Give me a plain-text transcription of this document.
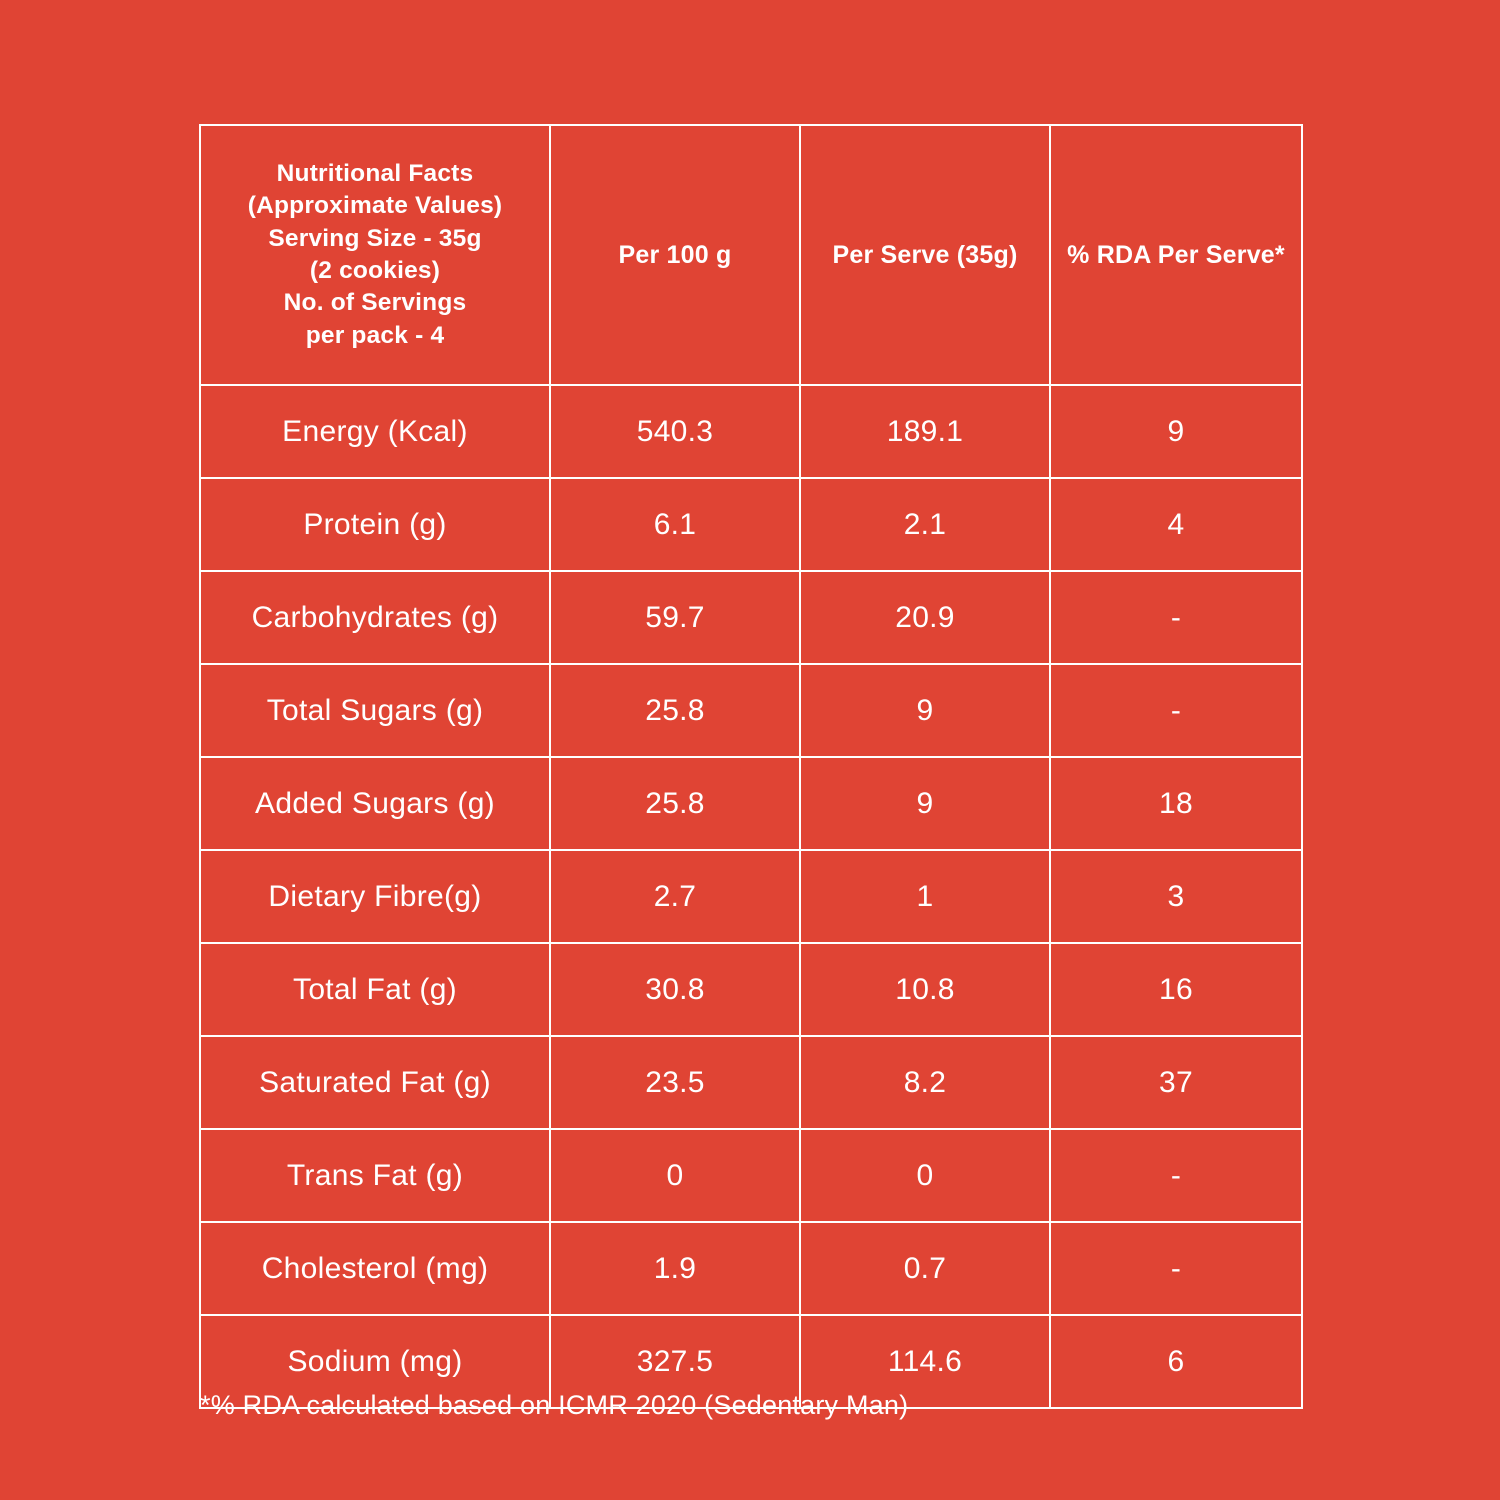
Nutritional Facts
(Approximate Values)
Serving Size - 35g
(2 cookies)
No. of Servings
per pack - 4
	Per 100 g	Per Serve (35g)	% RDA Per Serve*
Energy (Kcal)	540.3	189.1	9
Protein (g)	6.1	2.1	4
Carbohydrates (g)	59.7	20.9	-
Total Sugars (g)	25.8	9	-
Added Sugars (g)	25.8	9	18
Dietary Fibre(g)	2.7	1	3
Total Fat (g)	30.8	10.8	16
Saturated Fat (g)	23.5	8.2	37
Trans Fat (g)	0	0	-
Cholesterol (mg)	1.9	0.7	-
Sodium (mg)	327.5	114.6	6
*% RDA calculated based on ICMR 2020 (Sedentary Man)
